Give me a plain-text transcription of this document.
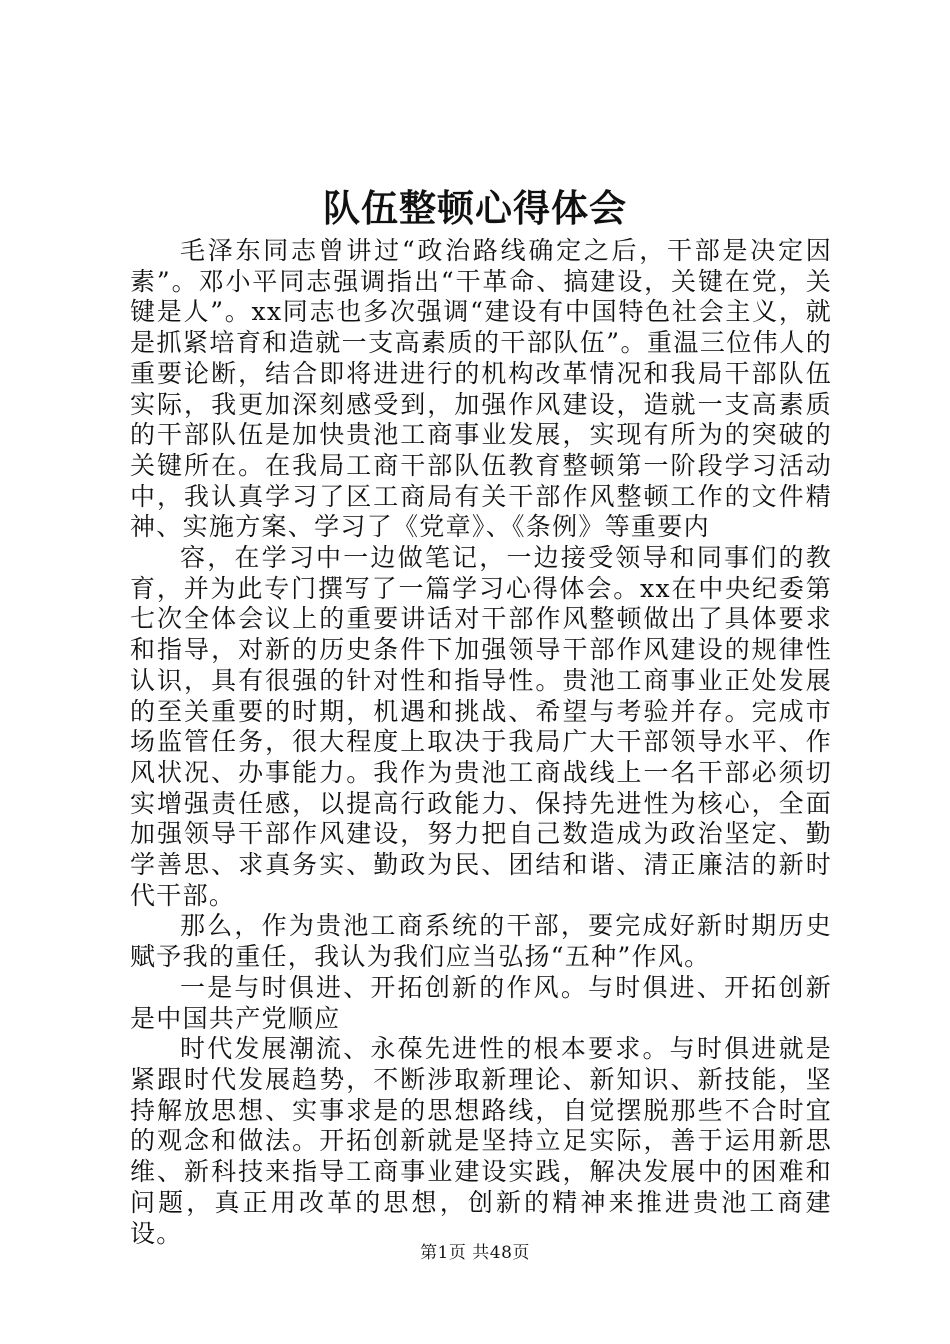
队伍整顿心得体会

毛泽东同志曾讲过“政治路线确定之后，干部是决定因素”。邓小平同志强调指出“干革命、搞建设，关键在党，关键是人”。xx同志也多次强调“建设有中国特色社会主义，就是抓紧培育和造就一支高素质的干部队伍”。重温三位伟人的重要论断，结合即将进进行的机构改革情况和我局干部队伍实际，我更加深刻感受到，加强作风建设，造就一支高素质的干部队伍是加快贵池工商事业发展，实现有所为的突破的关键所在。在我局工商干部队伍教育整顿第一阶段学习活动中，我认真学习了区工商局有关干部作风整顿工作的文件精神、实施方案、学习了《党章》、《条例》等重要内

容，在学习中一边做笔记，一边接受领导和同事们的教育，并为此专门撰写了一篇学习心得体会。xx在中央纪委第七次全体会议上的重要讲话对干部作风整顿做出了具体要求和指导，对新的历史条件下加强领导干部作风建设的规律性认识，具有很强的针对性和指导性。贵池工商事业正处发展的至关重要的时期，机遇和挑战、希望与考验并存。完成市场监管任务，很大程度上取决于我局广大干部领导水平、作风状况、办事能力。我作为贵池工商战线上一名干部必须切实增强责任感，以提高行政能力、保持先进性为核心，全面加强领导干部作风建设，努力把自己数造成为政治坚定、勤学善思、求真务实、勤政为民、团结和谐、清正廉洁的新时代干部。

那么，作为贵池工商系统的干部，要完成好新时期历史赋予我的重任，我认为我们应当弘扬“五种”作风。

一是与时俱进、开拓创新的作风。与时俱进、开拓创新是中国共产党顺应

时代发展潮流、永葆先进性的根本要求。与时俱进就是紧跟时代发展趋势，不断涉取新理论、新知识、新技能，坚持解放思想、实事求是的思想路线，自觉摆脱那些不合时宜的观念和做法。开拓创新就是坚持立足实际，善于运用新思维、新科技来指导工商事业建设实践，解决发展中的困难和问题，真正用改革的思想，创新的精神来推进贵池工商建设。

第1页 共48页
